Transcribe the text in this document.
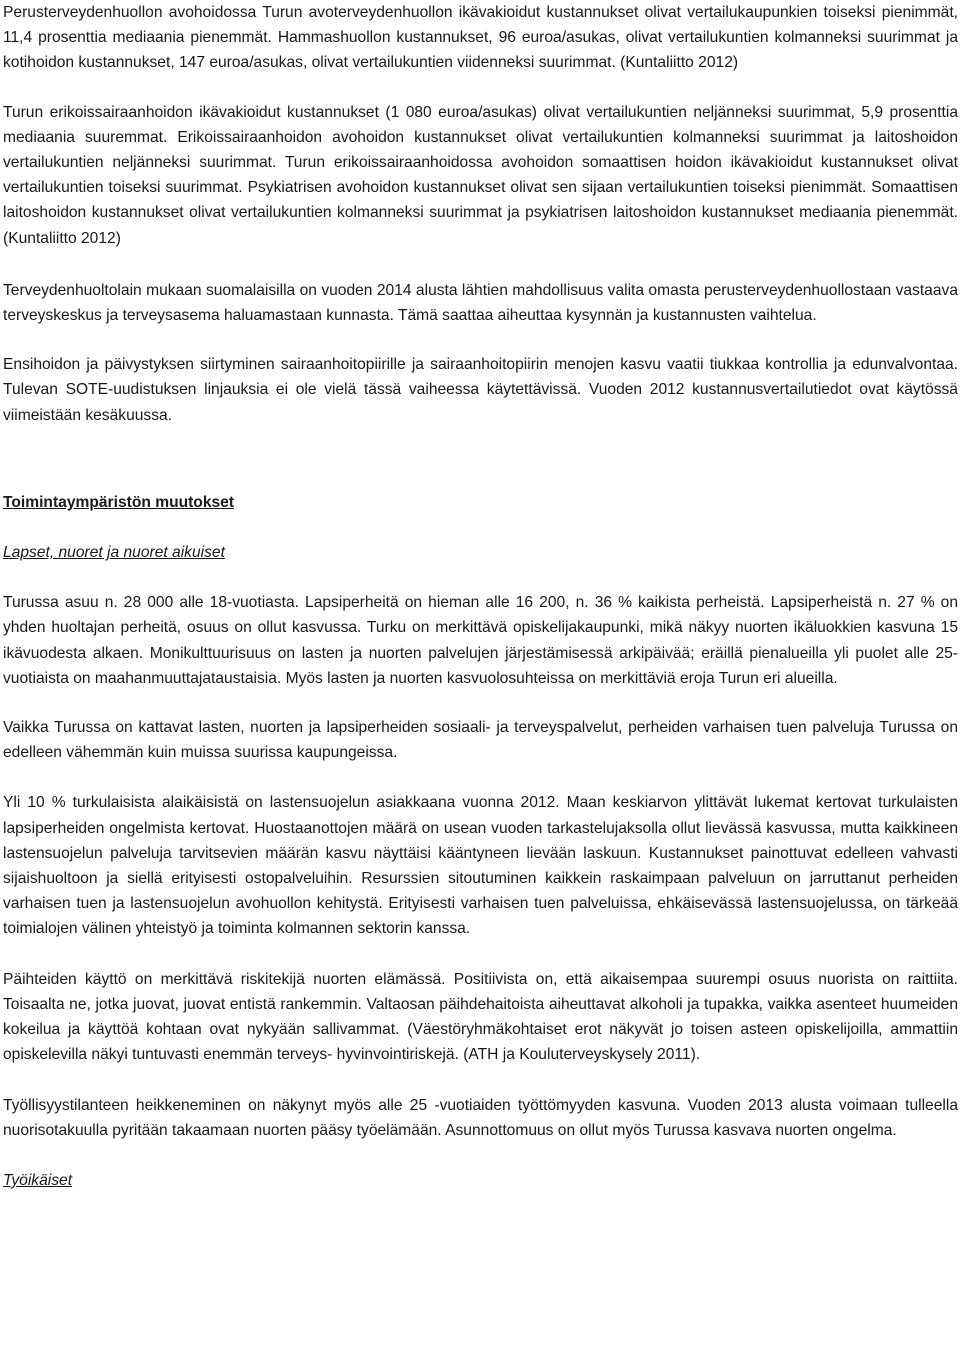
Perusterveydenhuollon avohoidossa Turun avoterveydenhuollon ikävakioidut kustannukset olivat vertailukaupunkien toiseksi pienimmät, 11,4 prosenttia mediaania pienemmät. Hammashuollon kustannukset, 96 euroa/asukas, olivat vertailukuntien kolmanneksi suurimmat ja kotihoidon kustannukset, 147 euroa/asukas, olivat vertailukuntien viidenneksi suurimmat. (Kuntaliitto 2012)

Turun erikoissairaanhoidon ikävakioidut kustannukset (1 080 euroa/asukas) olivat vertailukuntien neljänneksi suurimmat, 5,9 prosenttia mediaania suuremmat. Erikoissairaanhoidon avohoidon kustannukset olivat vertailukuntien kolmanneksi suurimmat ja laitoshoidon vertailukuntien neljänneksi suurimmat. Turun erikoissairaanhoidossa avohoidon somaattisen hoidon ikävakioidut kustannukset olivat vertailukuntien toiseksi suurimmat. Psykiatrisen avohoidon kustannukset olivat sen sijaan vertailukuntien toiseksi pienimmät. Somaattisen laitoshoidon kustannukset olivat vertailukuntien kolmanneksi suurimmat ja psykiatrisen laitoshoidon kustannukset mediaania pienemmät. (Kuntaliitto 2012)

Terveydenhuoltolain mukaan suomalaisilla on vuoden 2014 alusta lähtien mahdollisuus valita omasta perusterveydenhuollostaan vastaava terveyskeskus ja terveysasema haluamastaan kunnasta. Tämä saattaa aiheuttaa kysynnän ja kustannusten vaihtelua.

Ensihoidon ja päivystyksen siirtyminen sairaanhoitopiirille ja sairaanhoitopiirin menojen kasvu vaatii tiukkaa kontrollia ja edunvalvontaa. Tulevan SOTE-uudistuksen linjauksia ei ole vielä tässä vaiheessa käytettävissä. Vuoden 2012 kustannusvertailutiedot ovat käytössä viimeistään kesäkuussa.

Toimintaympäristön muutokset

Lapset, nuoret ja nuoret aikuiset

Turussa asuu n. 28 000 alle 18-vuotiasta. Lapsiperheitä on hieman alle 16 200, n. 36 % kaikista perheistä. Lapsiperheistä n. 27 % on yhden huoltajan perheitä, osuus on ollut kasvussa. Turku on merkittävä opiskelijakaupunki, mikä näkyy nuorten ikäluokkien kasvuna 15 ikävuodesta alkaen. Monikulttuurisuus on lasten ja nuorten palvelujen järjestämisessä arkipäivää; eräillä pienalueilla yli puolet alle 25-vuotiaista on maahanmuuttajataustaisia. Myös lasten ja nuorten kasvuolosuhteissa on merkittäviä eroja Turun eri alueilla.

Vaikka Turussa on kattavat lasten, nuorten ja lapsiperheiden sosiaali- ja terveyspalvelut, perheiden varhaisen tuen palveluja Turussa on edelleen vähemmän kuin muissa suurissa kaupungeissa.

Yli 10 % turkulaisista alaikäisistä on lastensuojelun asiakkaana vuonna 2012. Maan keskiarvon ylittävät lukemat kertovat turkulaisten lapsiperheiden ongelmista kertovat. Huostaanottojen määrä on usean vuoden tarkastelujaksolla ollut lievässä kasvussa, mutta kaikkineen lastensuojelun palveluja tarvitsevien määrän kasvu näyttäisi kääntyneen lievään laskuun. Kustannukset painottuvat edelleen vahvasti sijaishuoltoon ja siellä erityisesti ostopalveluihin. Resurssien sitoutuminen kaikkein raskaimpaan palveluun on jarruttanut perheiden varhaisen tuen ja lastensuojelun avohuollon kehitystä. Erityisesti varhaisen tuen palveluissa, ehkäisevässä lastensuojelussa, on tärkeää toimialojen välinen yhteistyö ja toiminta kolmannen sektorin kanssa.

Päihteiden käyttö on merkittävä riskitekijä nuorten elämässä. Positiivista on, että aikaisempaa suurempi osuus nuorista on raittiita. Toisaalta ne, jotka juovat, juovat entistä rankemmin. Valtaosan päihdehaitoista aiheuttavat alkoholi ja tupakka, vaikka asenteet huumeiden kokeilua ja käyttöä kohtaan ovat nykyään sallivammat. (Väestöryhmäkohtaiset erot näkyvät jo toisen asteen opiskelijoilla, ammattiin opiskelevilla näkyi tuntuvasti enemmän terveys- hyvinvointiriskejä. (ATH ja Kouluterveyskysely 2011).

Työllisyystilanteen heikkeneminen on näkynyt myös alle 25 -vuotiaiden työttömyyden kasvuna. Vuoden 2013 alusta voimaan tulleella nuorisotakuulla pyritään takaamaan nuorten pääsy työelämään. Asunnottomuus on ollut myös Turussa kasvava nuorten ongelma.

Työikäiset
